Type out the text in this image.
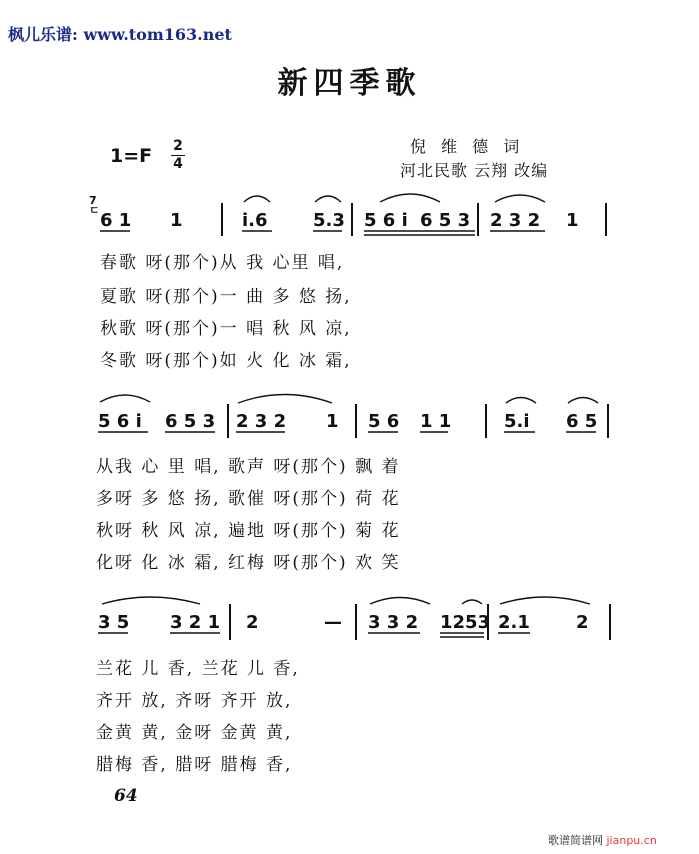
枫儿乐谱: www.tom163.net
新四季歌
1=F 2
4
倪 维 德 词
河北民歌 云翔 改编
7
ㄷ 6 1 1	i.6	5.3 5 6 i 6 5 3 2 3 2 1
5 6 i 6 5 3 2 3 2 1 5 6 1 1	5.i 6 5
3 5 3 2 1 2	— 3 3 2 1253 2.1	2
春歌 呀(那个)从 我 心里 唱,
夏歌 呀(那个)一 曲 多 悠 扬,
秋歌 呀(那个)一 唱 秋 风 凉,
冬歌 呀(那个)如 火 化 冰 霜,
从我 心 里 唱, 歌声 呀(那个) 飘 着
多呀 多 悠 扬, 歌催 呀(那个) 荷 花
秋呀 秋 风 凉, 遍地 呀(那个) 菊 花
化呀 化 冰 霜, 红梅 呀(那个) 欢 笑
兰花 儿 香, 兰花 儿 香,
齐开 放, 齐呀 齐开 放,
金黄 黄, 金呀 金黄 黄,
腊梅 香, 腊呀 腊梅 香,
64
歌谱简谱网 jianpu.cn
